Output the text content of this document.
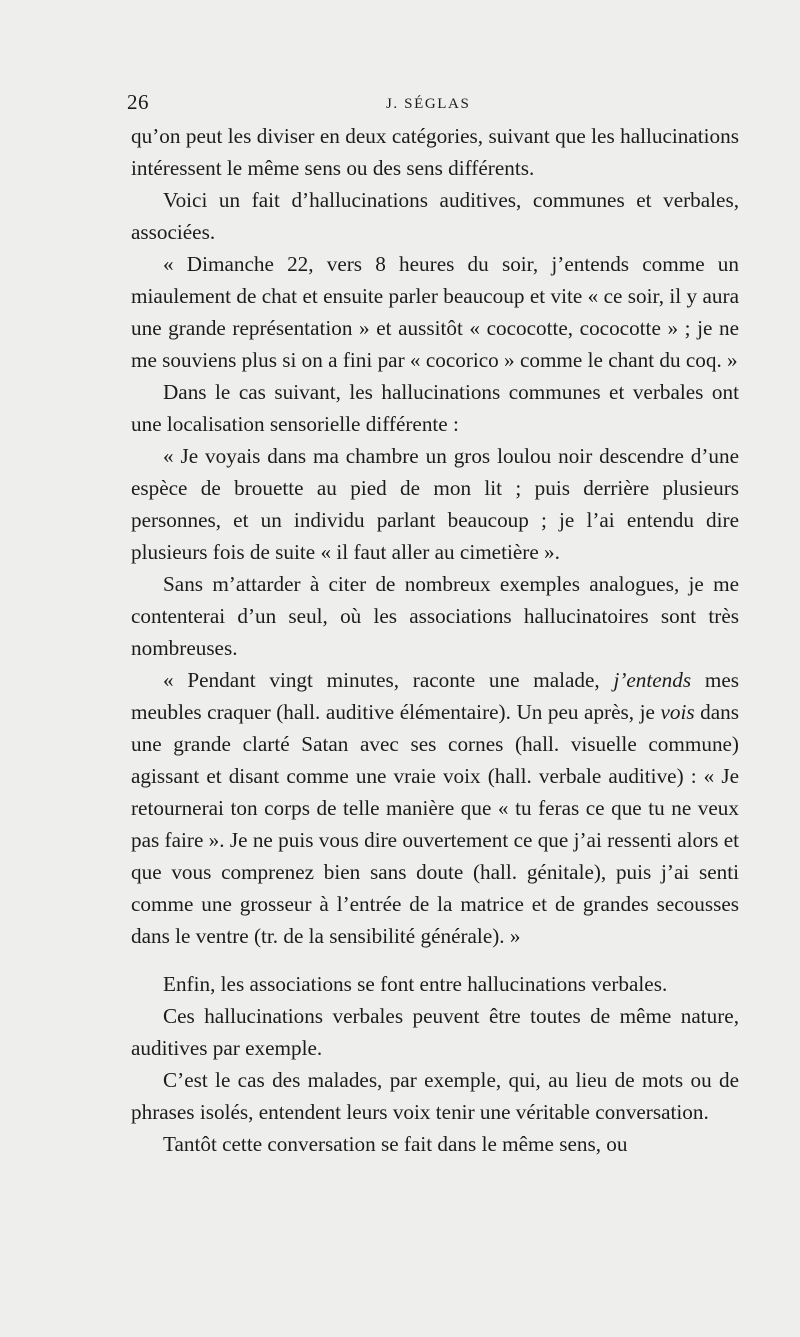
26	J. SÉGLAS

qu’on peut les diviser en deux catégories, suivant que les hallucinations intéressent le même sens ou des sens différents.

Voici un fait d’hallucinations auditives, communes et verbales, associées.

« Dimanche 22, vers 8 heures du soir, j’entends comme un miaulement de chat et ensuite parler beaucoup et vite « ce soir, il y aura une grande représentation » et aussitôt « cococotte, cococotte » ; je ne me souviens plus si on a fini par « cocorico » comme le chant du coq. »

Dans le cas suivant, les hallucinations communes et verbales ont une localisation sensorielle différente :

« Je voyais dans ma chambre un gros loulou noir descendre d’une espèce de brouette au pied de mon lit ; puis derrière plusieurs personnes, et un individu parlant beaucoup ; je l’ai entendu dire plusieurs fois de suite « il faut aller au cimetière ».

Sans m’attarder à citer de nombreux exemples analogues, je me contenterai d’un seul, où les associations hallucinatoires sont très nombreuses.

« Pendant vingt minutes, raconte une malade, j’entends mes meubles craquer (hall. auditive élémentaire). Un peu après, je vois dans une grande clarté Satan avec ses cornes (hall. visuelle commune) agissant et disant comme une vraie voix (hall. verbale auditive) : « Je retournerai ton corps de telle manière que « tu feras ce que tu ne veux pas faire ». Je ne puis vous dire ouvertement ce que j’ai ressenti alors et que vous comprenez bien sans doute (hall. génitale), puis j’ai senti comme une grosseur à l’entrée de la matrice et de grandes secousses dans le ventre (tr. de la sensibilité générale). »

Enfin, les associations se font entre hallucinations verbales.

Ces hallucinations verbales peuvent être toutes de même nature, auditives par exemple.

C’est le cas des malades, par exemple, qui, au lieu de mots ou de phrases isolés, entendent leurs voix tenir une véritable conversation.

Tantôt cette conversation se fait dans le même sens, ou
